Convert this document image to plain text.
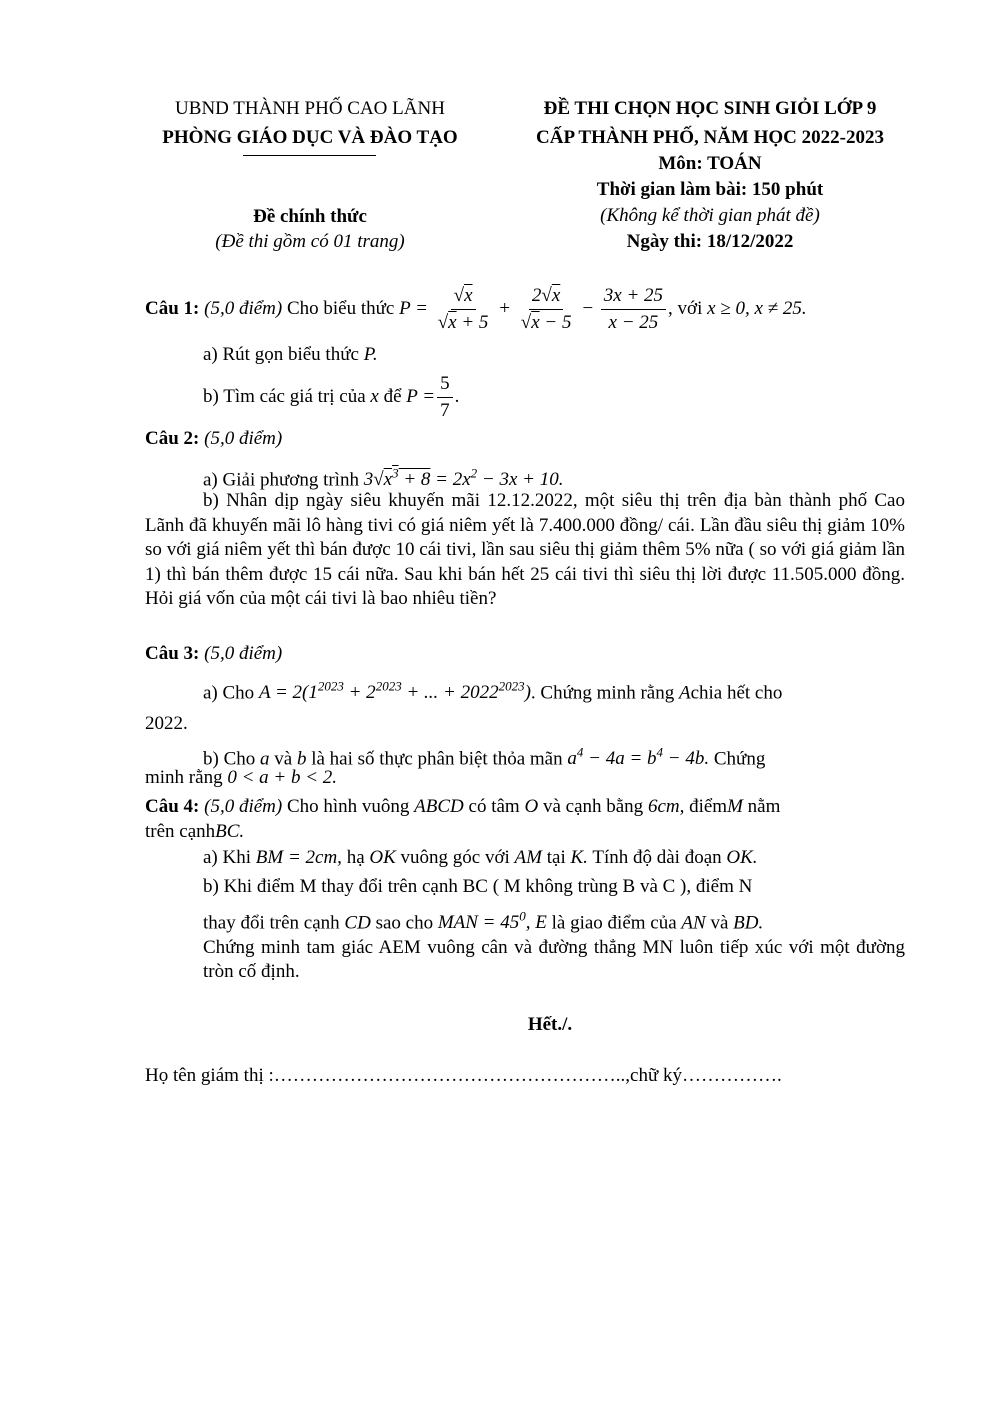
UBND THÀNH PHỐ CAO LÃNH
PHÒNG GIÁO DỤC VÀ ĐÀO TẠO
Đề chính thức
(Đề thi gồm có 01 trang)
ĐỀ THI CHỌN HỌC SINH GIỎI LỚP 9
CẤP THÀNH PHỐ, NĂM HỌC 2022-2023
Môn: TOÁN
Thời gian làm bài: 150 phút
(Không kể thời gian phát đề)
Ngày thi: 18/12/2022
Câu 1:
(5,0 điểm)
Cho biểu thức
$P = \frac{√x}{√x + 5} + \frac{2√x}{√x - 5} - \frac{3x + 25}{x - 25}$ , với
x ≥ 0, x ≠ 25.
a) Rút gọn biểu thức P.
b) Tìm các giá trị của
x
để
$P = \frac{5}{7}$ .
Câu 2: (5,0 điểm)
a) Giải phương trình $3√x^3 + 8 = 2x^2 - 3x + 10$.
b) Nhân dịp ngày siêu khuyến mãi 12.12.2022, một siêu thị trên địa bàn thành phố Cao Lãnh đã khuyến mãi lô hàng tivi có giá niêm yết là 7.400.000 đồng/ cái. Lần đầu siêu thị giảm 10% so với giá niêm yết thì bán được 10 cái tivi, lần sau siêu thị giảm thêm 5% nữa ( so với giá giảm lần 1) thì bán thêm được 15 cái nữa. Sau khi bán hết 25 cái tivi thì siêu thị lời được 11.505.000 đồng. Hỏi giá vốn của một cái tivi là bao nhiêu tiền?
Câu 3: (5,0 điểm)
a) Cho $A = 2(1^{2023} + 2^{2023}$ + ... + $2022^{2023}$). Chứng minh rằng Achia hết cho
2022.
b) Cho a và b là hai số thực phân biệt thỏa mãn $a^4 - 4a = b^4 - 4b$. Chứng
minh rằng 0 < a + b < 2.
Câu 4: (5,0 điểm) Cho hình vuông ABCD có tâm O và cạnh bằng 6cm, điểmM nằm
trên cạnhBC.
a) Khi BM = 2cm, hạ OK vuông góc với AM tại K. Tính độ dài đoạn OK.
b) Khi điểm M thay đổi trên cạnh BC ( M không trùng B và C ), điểm N
thay đổi trên cạnh CD sao cho MAN = $45^0$, E là giao điểm của AN và BD.
Chứng minh tam giác AEM vuông cân và đường thẳng MN luôn tiếp xúc với một đường tròn cố định.
Hết./.
Họ tên giám thị :………………………………………………..,chữ ký…………….
